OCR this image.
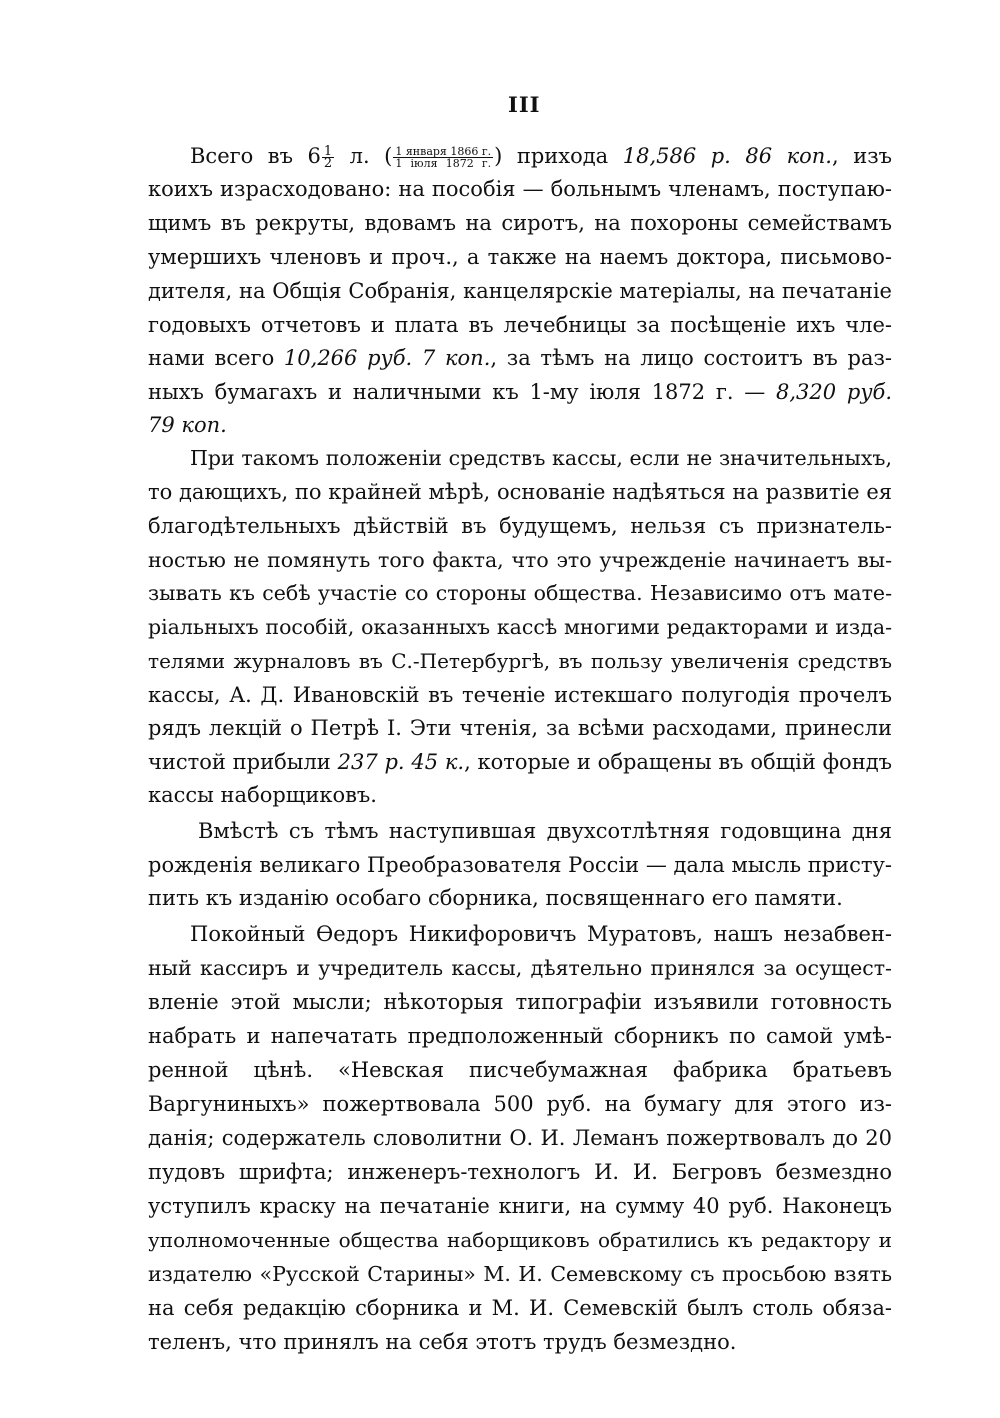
III
Всего въ $6 \frac{1}{2} л$. ( $\frac{\text{1 января 1866 г.}}{\text{1 іюля 1872 г.}}$ ) прихода 18,586 р. 86 коп., изъ
коихъ израсходовано: на пособія — больнымъ членамъ, поступаю-
щимъ въ рекруты, вдовамъ на сиротъ, на похороны семействамъ
умершихъ членовъ и проч., а также на наемъ доктора, письмово-
дителя, на Общія Собранія, канцелярскіе матеріалы, на печатаніе
годовыхъ отчетовъ и плата въ лечебницы за посѣщеніе ихъ чле-
нами всего 10,266 руб. 7 коп., за тѣмъ на лицо состоитъ въ раз-
ныхъ бумагахъ и наличными къ 1-му іюля 1872 г. — 8,320 руб.
79 коп.
При такомъ положеніи средствъ кассы, если не значительныхъ,
то дающихъ, по крайней мѣрѣ, основаніе надѣяться на развитіе ея
благодѣтельныхъ дѣйствій въ будущемъ, нельзя съ признатель-
ностью не помянуть того факта, что это учрежденіе начинаетъ вы-
зывать къ себѣ участіе со стороны общества. Независимо отъ мате-
ріальныхъ пособій, оказанныхъ кассѣ многими редакторами и изда-
телями журналовъ въ С.-Петербургѣ, въ пользу увеличенія средствъ
кассы, А. Д. Ивановскій въ теченіе истекшаго полугодія прочелъ
рядъ лекцій о Петрѣ I. Эти чтенія, за всѣми расходами, принесли
чистой прибыли 237 р. 45 к., которые и обращены въ общій фондъ
кассы наборщиковъ.
Вмѣстѣ съ тѣмъ наступившая двухсотлѣтняя годовщина дня
рожденія великаго Преобразователя Россіи — дала мысль присту-
пить къ изданію особаго сборника, посвященнаго его памяти.
Покойный Ѳедоръ Никифоровичъ Муратовъ, нашъ незабвен-
ный кассиръ и учредитель кассы, дѣятельно принялся за осущест-
вленіе этой мысли; нѣкоторыя типографіи изъявили готовность
набрать и напечатать предположенный сборникъ по самой умѣ-
ренной цѣнѣ. «Невская писчебумажная фабрика братьевъ
Варгуниныхъ» пожертвовала 500 руб. на бумагу для этого из-
данія; содержатель словолитни О. И. Леманъ пожертвовалъ до 20
пудовъ шрифта; инженеръ-технологъ И. И. Бегровъ безмездно
уступилъ краску на печатаніе книги, на сумму 40 руб. Наконецъ
уполномоченные общества наборщиковъ обратились къ редактору и
издателю «Русской Старины» М. И. Семевскому съ просьбою взять
на себя редакцію сборника и М. И. Семевскій былъ столь обяза-
теленъ, что принялъ на себя этотъ трудъ безмездно.
